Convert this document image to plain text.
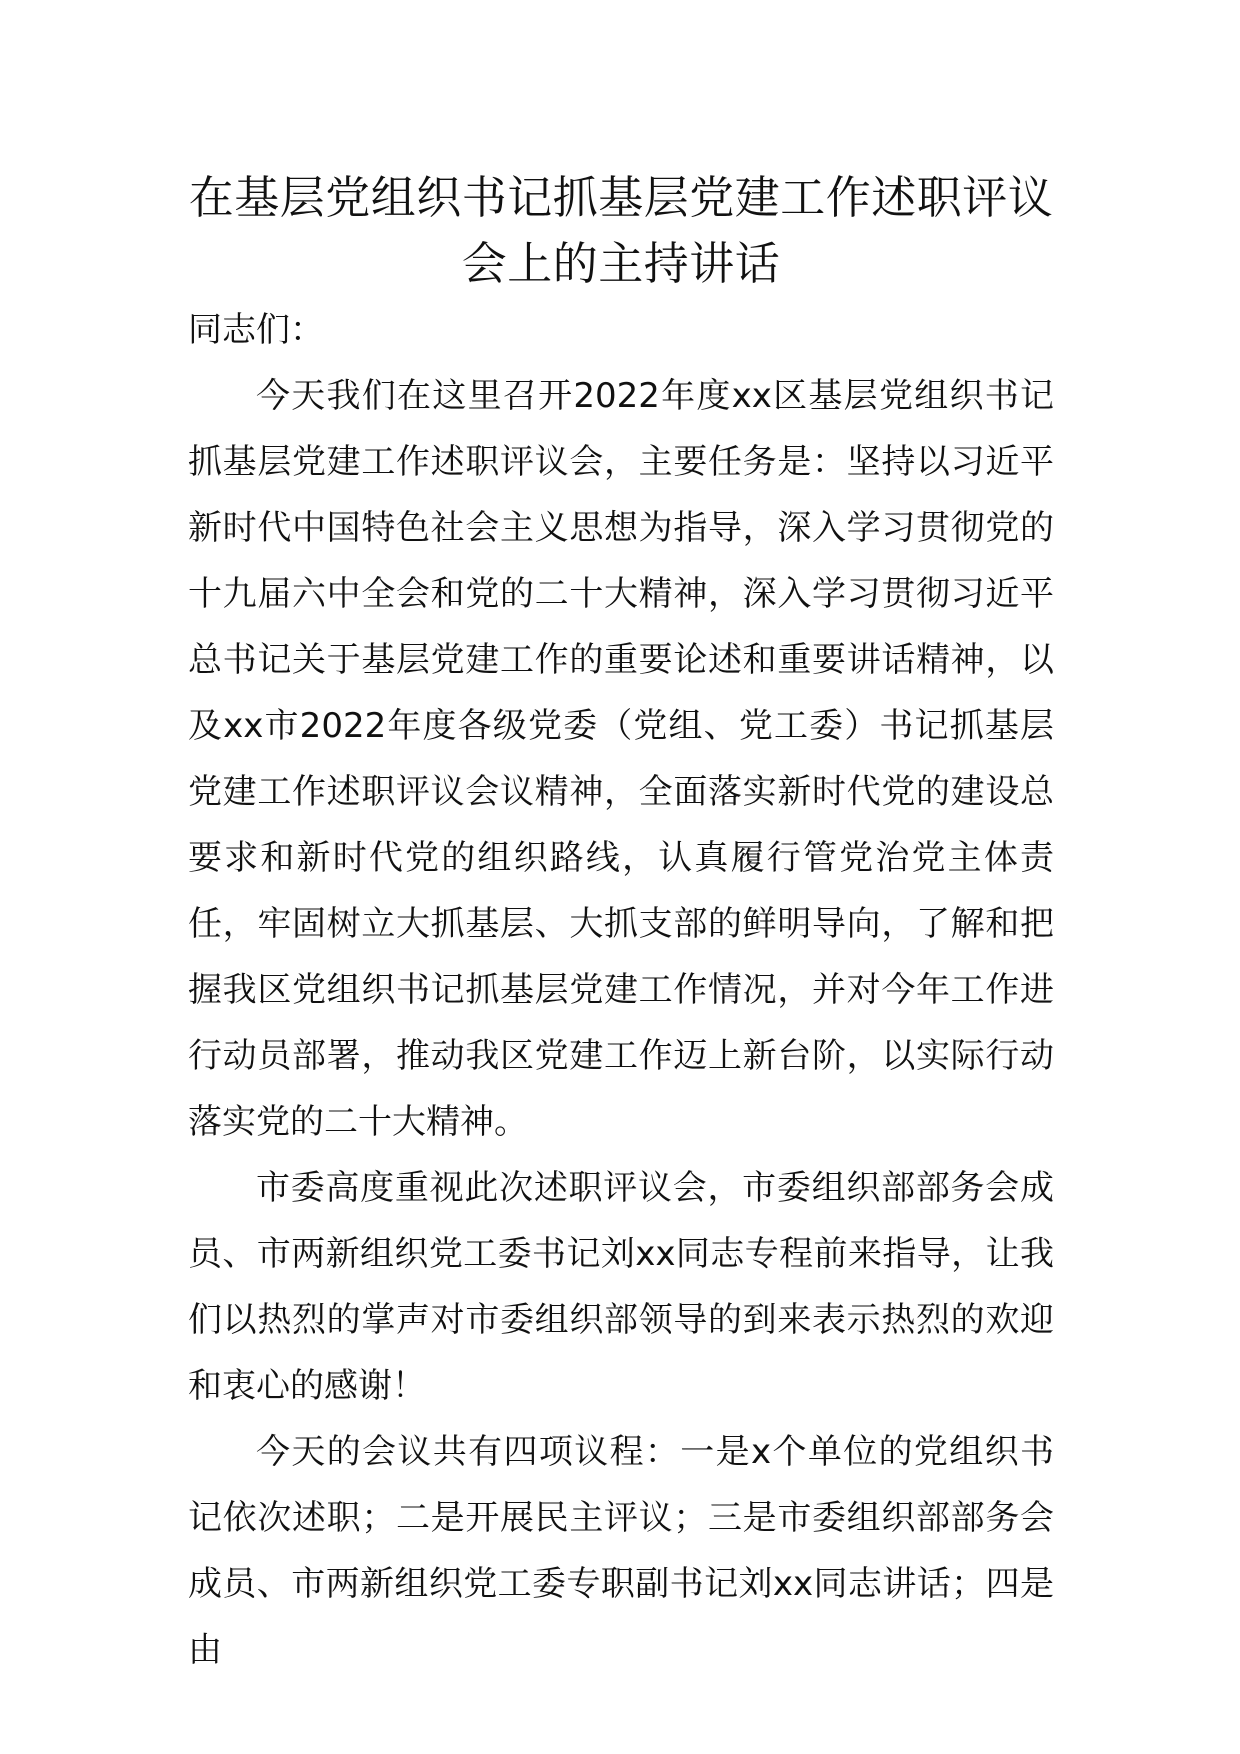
在基层党组织书记抓基层党建工作述职评议会上的主持讲话

同志们：

今天我们在这里召开2022年度xx区基层党组织书记抓基层党建工作述职评议会，主要任务是：坚持以习近平新时代中国特色社会主义思想为指导，深入学习贯彻党的十九届六中全会和党的二十大精神，深入学习贯彻习近平总书记关于基层党建工作的重要论述和重要讲话精神，以及xx市2022年度各级党委（党组、党工委）书记抓基层党建工作述职评议会议精神，全面落实新时代党的建设总要求和新时代党的组织路线，认真履行管党治党主体责任，牢固树立大抓基层、大抓支部的鲜明导向，了解和把握我区党组织书记抓基层党建工作情况，并对今年工作进行动员部署，推动我区党建工作迈上新台阶，以实际行动落实党的二十大精神。

市委高度重视此次述职评议会，市委组织部部务会成员、市两新组织党工委书记刘xx同志专程前来指导，让我们以热烈的掌声对市委组织部领导的到来表示热烈的欢迎和衷心的感谢！

今天的会议共有四项议程：一是x个单位的党组织书记依次述职；二是开展民主评议；三是市委组织部部务会成员、市两新组织党工委专职副书记刘xx同志讲话；四是由
